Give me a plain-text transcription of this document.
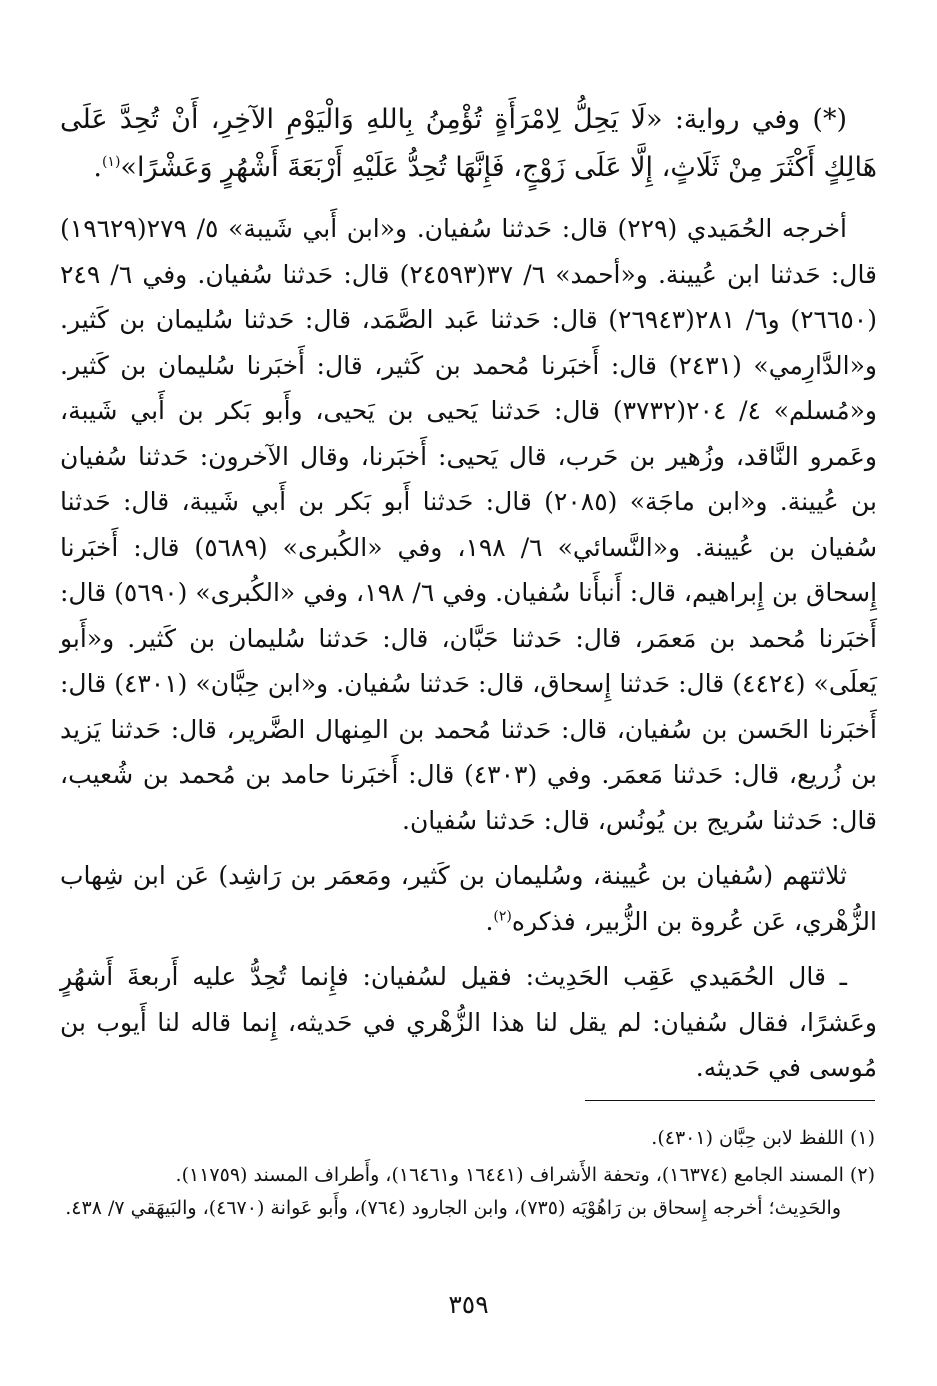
(*) وفي رواية: «لَا يَحِلُّ لِامْرَأَةٍ تُؤْمِنُ بِاللهِ وَالْيَوْمِ الآخِرِ، أَنْ تُحِدَّ عَلَى هَالِكٍ أَكْثَرَ مِنْ ثَلَاثٍ، إِلَّا عَلَى زَوْجٍ، فَإِنَّهَا تُحِدُّ عَلَيْهِ أَرْبَعَةَ أَشْهُرٍ وَعَشْرًا»$^{(١)}$.

أخرجه الحُمَيدي (٢٢٩) قال: حَدثنا سُفيان. و«ابن أَبي شَيبة» ٥/ ٢٧٩(١٩٦٢٩) قال: حَدثنا ابن عُيينة. و«أحمد» ٦/ ٣٧(٢٤٥٩٣) قال: حَدثنا سُفيان. وفي ٦/ ٢٤٩ (٢٦٦٥٠) و٦/ ٢٨١(٢٦٩٤٣) قال: حَدثنا عَبد الصَّمَد، قال: حَدثنا سُليمان بن كَثير. و«الدَّارِمي» (٢٤٣١) قال: أَخبَرنا مُحمد بن كَثير، قال: أَخبَرنا سُليمان بن كَثير. و«مُسلم» ٤/ ٢٠٤(٣٧٣٢) قال: حَدثنا يَحيى بن يَحيى، وأَبو بَكر بن أَبي شَيبة، وعَمرو النَّاقد، وزُهير بن حَرب، قال يَحيى: أَخبَرنا، وقال الآخرون: حَدثنا سُفيان بن عُيينة. و«ابن ماجَة» (٢٠٨٥) قال: حَدثنا أَبو بَكر بن أَبي شَيبة، قال: حَدثنا سُفيان بن عُيينة. و«النَّسائي» ٦/ ١٩٨، وفي «الكُبرى» (٥٦٨٩) قال: أَخبَرنا إِسحاق بن إِبراهيم، قال: أَنبأَنا سُفيان. وفي ٦/ ١٩٨، وفي «الكُبرى» (٥٦٩٠) قال: أَخبَرنا مُحمد بن مَعمَر، قال: حَدثنا حَبَّان، قال: حَدثنا سُليمان بن كَثير. و«أَبو يَعلَى» (٤٤٢٤) قال: حَدثنا إِسحاق، قال: حَدثنا سُفيان. و«ابن حِبَّان» (٤٣٠١) قال: أَخبَرنا الحَسن بن سُفيان، قال: حَدثنا مُحمد بن المِنهال الضَّرير، قال: حَدثنا يَزيد بن زُريع، قال: حَدثنا مَعمَر. وفي (٤٣٠٣) قال: أَخبَرنا حامد بن مُحمد بن شُعيب، قال: حَدثنا سُريج بن يُونُس، قال: حَدثنا سُفيان.

ثلاثتهم (سُفيان بن عُيينة، وسُليمان بن كَثير، ومَعمَر بن رَاشِد) عَن ابن شِهاب الزُّهْري، عَن عُروة بن الزُّبير، فذكره$^{(٢)}$.

ـ قال الحُمَيدي عَقِب الحَدِيث: فقيل لسُفيان: فإِنما تُحِدُّ عليه أَربعةَ أَشهُرٍ وعَشرًا، فقال سُفيان: لم يقل لنا هذا الزُّهْري في حَديثه، إِنما قاله لنا أَيوب بن مُوسى في حَديثه.

(١) اللفظ لابن حِبَّان (٤٣٠١).

(٢) المسند الجامع (١٦٣٧٤)، وتحفة الأَشراف (١٦٤٤١ و١٦٤٦١)، وأَطراف المسند (١١٧٥٩).

والحَدِيث؛ أخرجه إِسحاق بن رَاهُوْيَه (٧٣٥)، وابن الجارود (٧٦٤)، وأَبو عَوانة (٤٦٧٠)، والبَيهَقي ٧/ ٤٣٨.

٣٥٩
